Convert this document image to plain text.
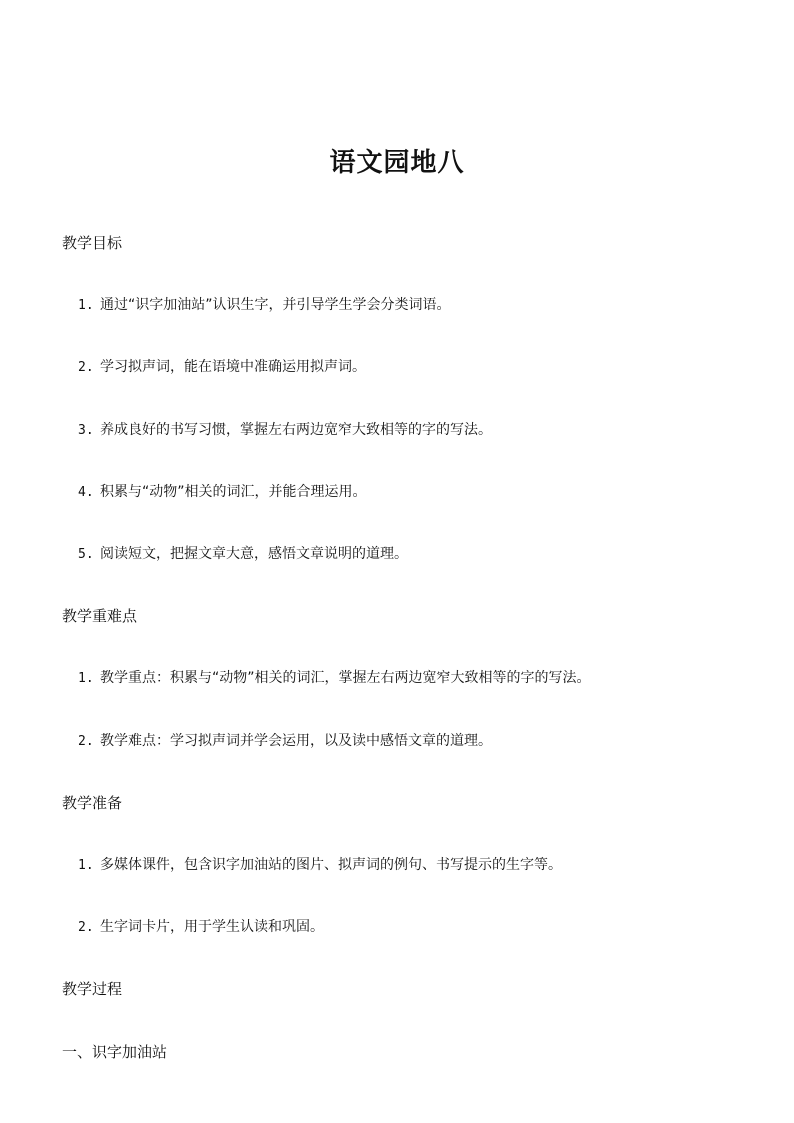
语文园地八
教学目标
1. 通过“识字加油站”认识生字，并引导学生学会分类词语。
2. 学习拟声词，能在语境中准确运用拟声词。
3. 养成良好的书写习惯，掌握左右两边宽窄大致相等的字的写法。
4. 积累与“动物”相关的词汇，并能合理运用。
5. 阅读短文，把握文章大意，感悟文章说明的道理。
教学重难点
1. 教学重点：积累与“动物”相关的词汇，掌握左右两边宽窄大致相等的字的写法。
2. 教学难点：学习拟声词并学会运用，以及读中感悟文章的道理。
教学准备
1. 多媒体课件，包含识字加油站的图片、拟声词的例句、书写提示的生字等。
2. 生字词卡片，用于学生认读和巩固。
教学过程
一、识字加油站
